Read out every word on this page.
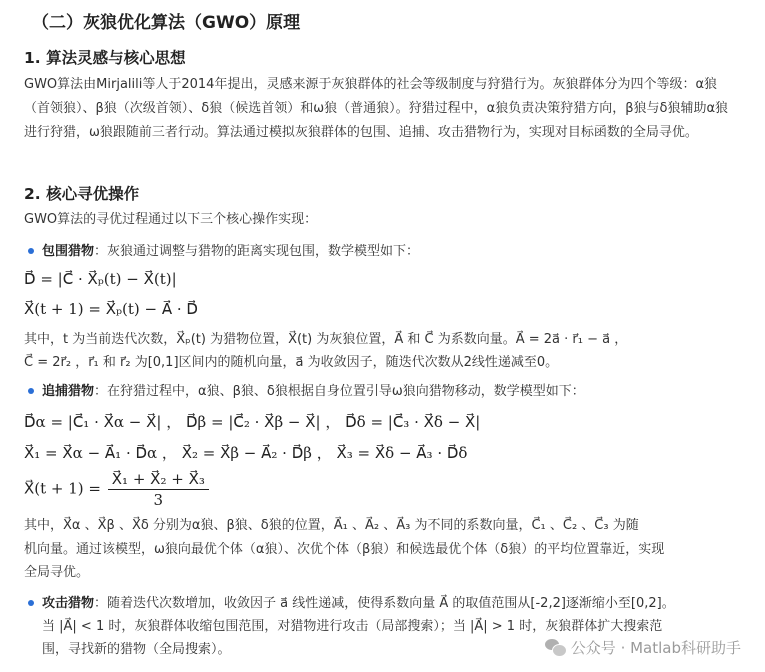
（二）灰狼优化算法（GWO）原理
1. 算法灵感与核心思想

GWO算法由Mirjalili等人于2014年提出，灵感来源于灰狼群体的社会等级制度与狩猎行为。灰狼群体分为四个等级：α狼（首领狼）、β狼（次级首领）、δ狼（候选首领）和ω狼（普通狼）。狩猎过程中，α狼负责决策狩猎方向，β狼与δ狼辅助α狼进行狩猎，ω狼跟随前三者行动。算法通过模拟灰狼群体的包围、追捕、攻击猎物行为，实现对目标函数的全局寻优。

2. 核心寻优操作

GWO算法的寻优过程通过以下三个核心操作实现：

包围猎物：灰狼通过调整与猎物的距离实现包围，数学模型如下：
D⃗ = |C⃗ · X⃗ₚ(t) − X⃗(t)|
X⃗(t + 1) = X⃗ₚ(t) − A⃗ · D⃗

其中，t 为当前迭代次数，X⃗ₚ(t) 为猎物位置，X⃗(t) 为灰狼位置，A⃗ 和 C⃗ 为系数向量。A⃗ = 2a⃗ · r⃗₁ − a⃗ ，

C⃗ = 2r⃗₂ ，r⃗₁ 和 r⃗₂ 为[0,1]区间内的随机向量，a⃗ 为收敛因子，随迭代次数从2线性递减至0。

追捕猎物：在狩猎过程中，α狼、β狼、δ狼根据自身位置引导ω狼向猎物移动，数学模型如下：
D⃗α = |C⃗₁ · X⃗α − X⃗| ， D⃗β = |C⃗₂ · X⃗β − X⃗| ， D⃗δ = |C⃗₃ · X⃗δ − X⃗|
X⃗₁ = X⃗α − A⃗₁ · D⃗α ， X⃗₂ = X⃗β − A⃗₂ · D⃗β ， X⃗₃ = X⃗δ − A⃗₃ · D⃗δ
X⃗(t + $1) = \frac{\text{X⃗₁ + X⃗₂ + X⃗₃}}{3}$

其中，X⃗α 、X⃗β 、X⃗δ 分别为α狼、β狼、δ狼的位置，A⃗₁ 、A⃗₂ 、A⃗₃ 为不同的系数向量，C⃗₁ 、C⃗₂ 、C⃗₃ 为随

机向量。通过该模型，ω狼向最优个体（α狼）、次优个体（β狼）和候选最优个体（δ狼）的平均位置靠近，实现

全局寻优。

攻击猎物：随着迭代次数增加，收敛因子 a⃗ 线性递减，使得系数向量 A⃗ 的取值范围从[-2,2]逐渐缩小至[0,2]。

当 |A⃗| < 1 时，灰狼群体收缩包围范围，对猎物进行攻击（局部搜索）；当 |A⃗| > 1 时，灰狼群体扩大搜索范

围，寻找新的猎物（全局搜索）。	公众号 · Matlab科研助手
